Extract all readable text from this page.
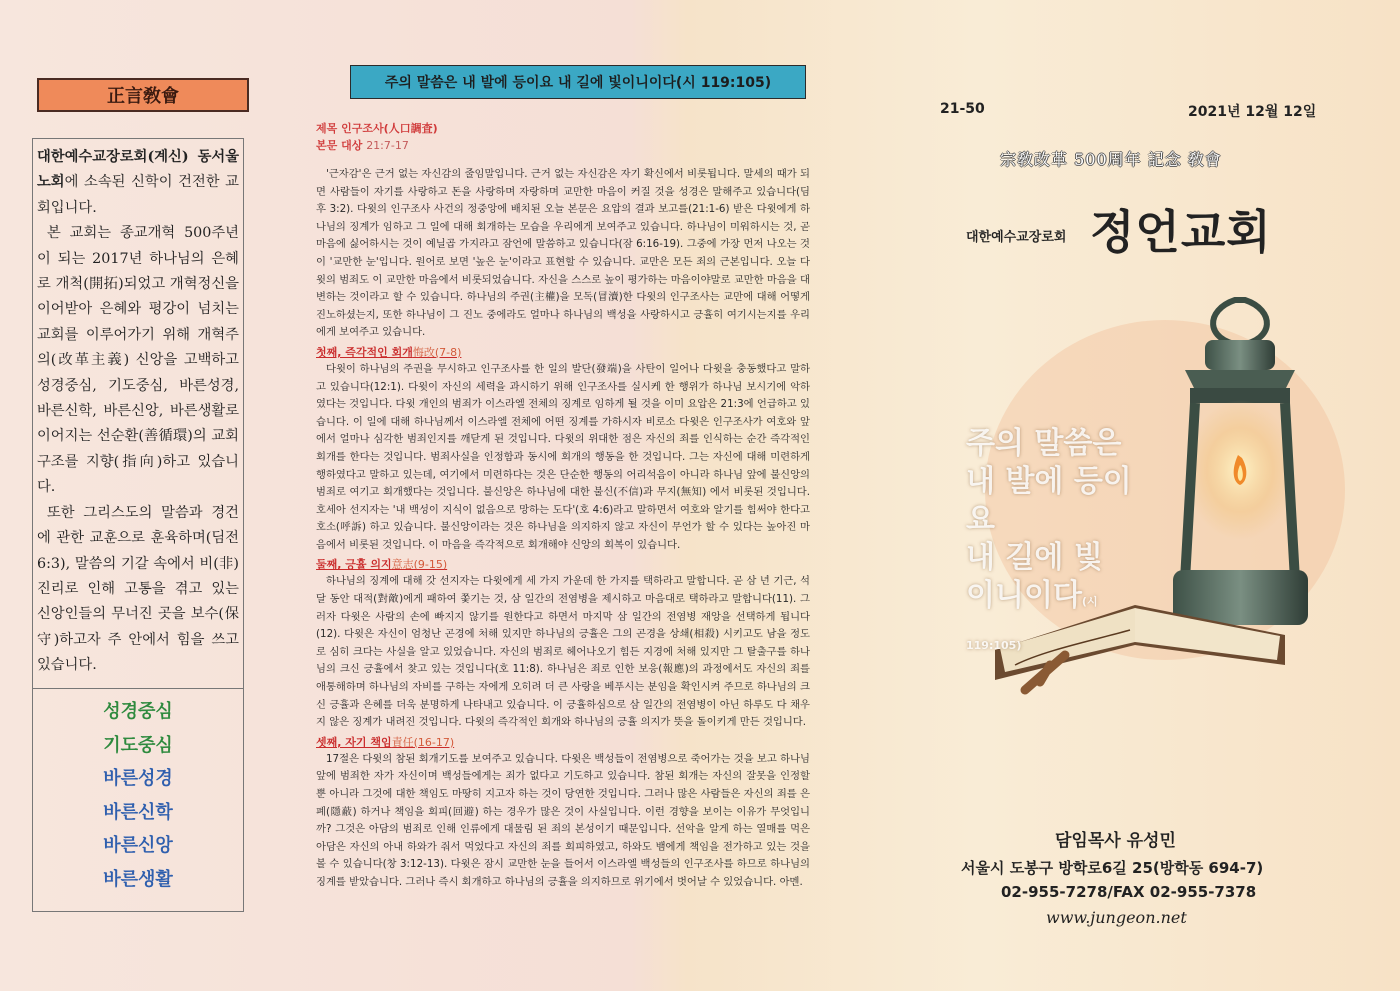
正言敎會

대한예수교장로회(계신) 동서울 노회에 소속된 신학이 건전한 교회입니다.

본 교회는 종교개혁 500주년이 되는 2017년 하나님의 은혜로 개척(開拓)되었고 개혁정신을 이어받아 은혜와 평강이 넘치는 교회를 이루어가기 위해 개혁주의(改革主義) 신앙을 고백하고 성경중심, 기도중심, 바른성경, 바른신학, 바른신앙, 바른생활로 이어지는 선순환(善循環)의 교회 구조를 지향(指向)하고 있습니다.

또한 그리스도의 말씀과 경건에 관한 교훈으로 훈육하며(딤전 6:3), 말씀의 기갈 속에서 비(非) 진리로 인해 고통을 겪고 있는 신앙인들의 무너진 곳을 보수(保守)하고자 주 안에서 힘을 쓰고 있습니다.

성경중심
기도중심
바른성경
바른신학
바른신앙
바른생활
주의 말씀은 내 발에 등이요 내 길에 빛이니이다(시 119:105)
제목 인구조사(人口調査)
본문 대상 21:7-17

'근자감'은 근거 없는 자신감의 줄임말입니다. 근거 없는 자신감은 자기 확신에서 비롯됩니다. 말세의 때가 되면 사람들이 자기를 사랑하고 돈을 사랑하며 자랑하며 교만한 마음이 커질 것을 성경은 말해주고 있습니다(딤후 3:2). 다윗의 인구조사 사건의 정중앙에 배치된 오늘 본문은 요압의 결과 보고를(21:1-6) 받은 다윗에게 하나님의 징계가 임하고 그 일에 대해 회개하는 모습을 우리에게 보여주고 있습니다. 하나님이 미워하시는 것, 곧 마음에 싫어하시는 것이 예닐곱 가지라고 잠언에 말씀하고 있습니다(잠 6:16-19). 그중에 가장 먼저 나오는 것이 '교만한 눈'입니다. 원어로 보면 '높은 눈'이라고 표현할 수 있습니다. 교만은 모든 죄의 근본입니다. 오늘 다윗의 범죄도 이 교만한 마음에서 비롯되었습니다. 자신을 스스로 높이 평가하는 마음이야말로 교만한 마음을 대변하는 것이라고 할 수 있습니다. 하나님의 주권(主權)을 모독(冒瀆)한 다윗의 인구조사는 교만에 대해 어떻게 진노하셨는지, 또한 하나님이 그 진노 중에라도 얼마나 하나님의 백성을 사랑하시고 긍휼히 여기시는지를 우리에게 보여주고 있습니다.

첫째, 즉각적인 회개悔改(7-8)

다윗이 하나님의 주권을 무시하고 인구조사를 한 일의 발단(發端)을 사탄이 일어나 다윗을 충동했다고 말하고 있습니다(12:1). 다윗이 자신의 세력을 과시하기 위해 인구조사를 실시케 한 행위가 하나님 보시기에 악하였다는 것입니다. 다윗 개인의 범죄가 이스라엘 전체의 징계로 임하게 될 것을 이미 요압은 21:3에 언급하고 있습니다. 이 일에 대해 하나님께서 이스라엘 전체에 어떤 징계를 가하시자 비로소 다윗은 인구조사가 여호와 앞에서 얼마나 심각한 범죄인지를 깨닫게 된 것입니다. 다윗의 위대한 점은 자신의 죄를 인식하는 순간 즉각적인 회개를 한다는 것입니다. 범죄사실을 인정함과 동시에 회개의 행동을 한 것입니다. 그는 자신에 대해 미련하게 행하였다고 말하고 있는데, 여기에서 미련하다는 것은 단순한 행동의 어리석음이 아니라 하나님 앞에 불신앙의 범죄로 여기고 회개했다는 것입니다. 불신앙은 하나님에 대한 불신(不信)과 무지(無知) 에서 비롯된 것입니다. 호세아 선지자는 '내 백성이 지식이 없음으로 망하는 도다'(호 4:6)라고 말하면서 여호와 알기를 힘써야 한다고 호소(呼訴) 하고 있습니다. 불신앙이라는 것은 하나님을 의지하지 않고 자신이 무언가 할 수 있다는 높아진 마음에서 비롯된 것입니다. 이 마음을 즉각적으로 회개해야 신앙의 회복이 있습니다.

둘째, 긍휼 의지意志(9-15)

하나님의 징계에 대해 갓 선지자는 다윗에게 세 가지 가운데 한 가지를 택하라고 말합니다. 곧 삼 년 기근, 석 달 동안 대적(對敵)에게 패하여 쫓기는 것, 삼 일간의 전염병을 제시하고 마음대로 택하라고 말합니다(11). 그러자 다윗은 사람의 손에 빠지지 않기를 원한다고 하면서 마지막 삼 일간의 전염병 재앙을 선택하게 됩니다(12). 다윗은 자신이 엄청난 곤경에 처해 있지만 하나님의 긍휼은 그의 곤경을 상쇄(相殺) 시키고도 남을 정도로 심히 크다는 사실을 알고 있었습니다. 자신의 범죄로 헤어나오기 힘든 지경에 처해 있지만 그 탈출구를 하나님의 크신 긍휼에서 찾고 있는 것입니다(호 11:8). 하나님은 죄로 인한 보응(報應)의 과정에서도 자신의 죄를 애통해하며 하나님의 자비를 구하는 자에게 오히려 더 큰 사랑을 베푸시는 분임을 확인시켜 주므로 하나님의 크신 긍휼과 은혜를 더욱 분명하게 나타내고 있습니다. 이 긍휼하심으로 삼 일간의 전염병이 아닌 하루도 다 채우지 않은 징계가 내려진 것입니다. 다윗의 즉각적인 회개와 하나님의 긍휼 의지가 뜻을 돌이키게 만든 것입니다.

셋째, 자기 책임責任(16-17)

17절은 다윗의 참된 회개기도를 보여주고 있습니다. 다윗은 백성들이 전염병으로 죽어가는 것을 보고 하나님 앞에 범죄한 자가 자신이며 백성들에게는 죄가 없다고 기도하고 있습니다. 참된 회개는 자신의 잘못을 인정할 뿐 아니라 그것에 대한 책임도 마땅히 지고자 하는 것이 당연한 것입니다. 그러나 많은 사람들은 자신의 죄를 은폐(隱蔽) 하거나 책임을 회피(回避) 하는 경우가 많은 것이 사실입니다. 이런 경향을 보이는 이유가 무엇입니까? 그것은 아담의 범죄로 인해 인류에게 대물림 된 죄의 본성이기 때문입니다. 선악을 알게 하는 열매를 먹은 아담은 자신의 아내 하와가 줘서 먹었다고 자신의 죄를 회피하였고, 하와도 뱀에게 책임을 전가하고 있는 것을 볼 수 있습니다(창 3:12-13). 다윗은 잠시 교만한 눈을 들어서 이스라엘 백성들의 인구조사를 하므로 하나님의 징계를 받았습니다. 그러나 즉시 회개하고 하나님의 긍휼을 의지하므로 위기에서 벗어날 수 있었습니다. 아멘.

21-50	2021년 12월 12일
宗敎改革 500周年 記念 敎會
대한예수교장로회 정언교회
주의 말씀은
내 발에 등이요
내 길에 빛
이니이다(시 119:105)
담임목사 유성민
서울시 도봉구 방학로6길 25(방학동 694-7)
02-955-7278/FAX 02-955-7378
www.jungeon.net
